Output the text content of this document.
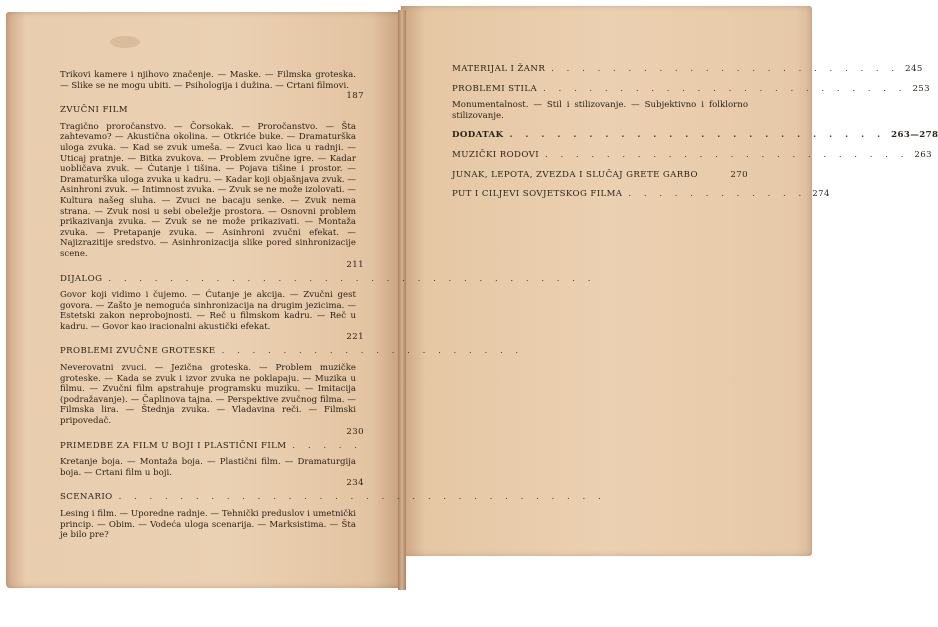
Trikovi kamere i njihovo značenje. — Maske. — Filmska groteska. — Slike se ne mogu ubiti. — Psihologija i dužina. — Crtani filmovi.

ZVUČNI FILM
187

Tragično proročanstvo. — Čorsokak. — Proročanstvo. — Šta zahtevamo? — Akustična okolina. — Otkriće buke. — Dramaturška uloga zvuka. — Kad se zvuk umeša. — Zvuci kao lica u radnji. — Uticaj pratnje. — Bitka zvukova. — Problem zvučne igre. — Kadar uobličava zvuk. — Ćutanje i tišina. — Pojava tišine i prostor. — Dramaturška uloga zvuka u kadru. — Kadar koji objašnjava zvuk. — Asinhroni zvuk. — Intimnost zvuka. — Zvuk se ne može izolovati. — Kultura našeg sluha. — Zvuci ne bacaju senke. — Zvuk nema strana. — Zvuk nosi u sebi obeležje prostora. — Osnovni problem prikazivanja zvuka. — Zvuk se ne može prikazivati. — Montaža zvuka. — Pretapanje zvuka. — Asinhroni zvučni efekat. — Najizrazitije sredstvo. — Asinhronizacija slike pored sinhronizacije scene.

DIJALOG . . . . . . . . . . . . . . . . . . . . . . . . . . . . . . . .
211

Govor koji vidimo i čujemo. — Ćutanje je akcija. — Zvučni gest govora. — Zašto je nemoguća sinhronizacija na drugim jezicima. — Estetski zakon neprobojnosti. — Reč u filmskom kadru. — Reč u kadru. — Govor kao iracionalni akustički efekat.

PROBLEMI ZVUČNE GROTESKE . . . . . . . . . . . . . . . . . . . .
221

Neverovatni zvuci. — Jezična groteska. — Problem muzičke groteske. — Kada se zvuk i izvor zvuka ne poklapaju. — Muzika u filmu. — Zvučni film apstrahuje programsku muziku. — Imitacija (podražavanje). — Čaplinova tajna. — Perspektive zvučnog filma. — Filmska lira. — Štednja zvuka. — Vladavina reči. — Filmski pripovedač.

PRIMEDBE ZA FILM U BOJI I PLASTIČNI FILM . . . . .
230

Kretanje boja. — Montaža boja. — Plastični film. — Dramaturgija boja. — Crtani film u boji.

SCENARIO . . . . . . . . . . . . . . . . . . . . . . . . . . . . . . . .
234

Lesing i film. — Uporedne radnje. — Tehnički preduslov i umetnički princip. — Obim. — Vodeća uloga scenarija. — Marksistima. — Šta je bilo pre?

MATERIJAL I ŽANR . . . . . . . . . . . . . . . . . . . . . . . 245
PROBLEMI STILA . . . . . . . . . . . . . . . . . . . . . . . . 253

Monumentalnost. — Stil i stilizovanje. — Subjektivno i folklorno stilizovanje.

DODATAK . . . . . . . . . . . . . . . . . . . . . . . . 263—278
MUZIČKI RODOVI . . . . . . . . . . . . . . . . . . . . . . . . 263
JUNAK, LEPOTA, ZVEZDA I SLUČAJ GRETE GARBO	270
PUT I CILJEVI SOVJETSKOG FILMA . . . . . . . . . . . . 274
